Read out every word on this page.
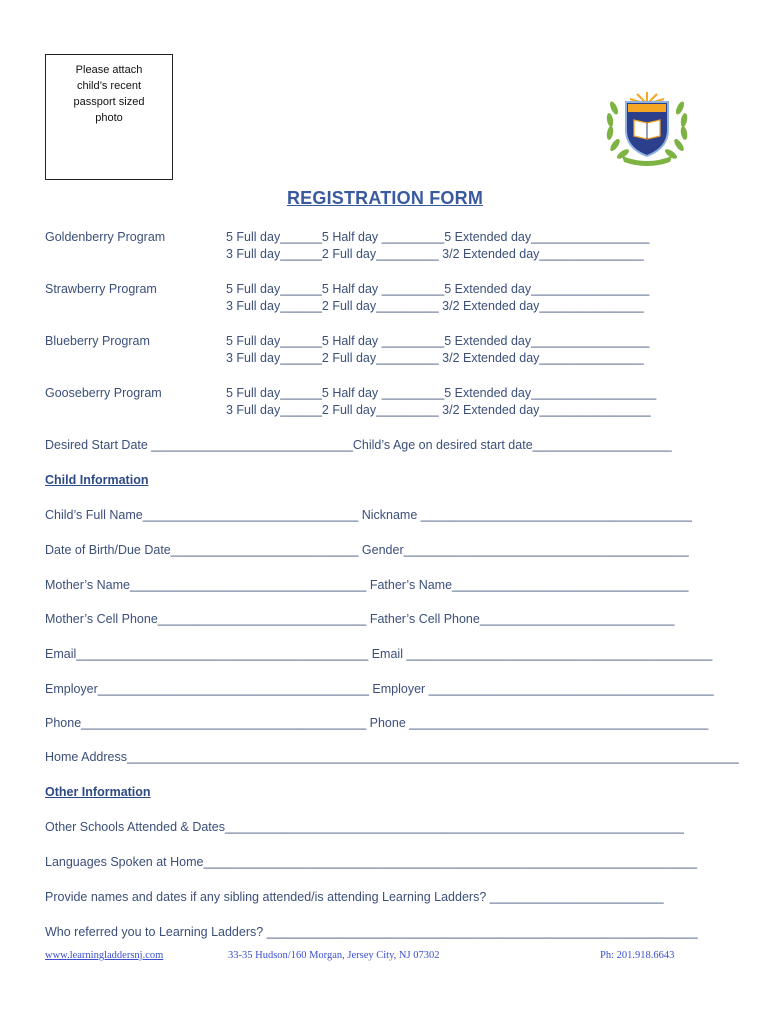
Please attach
child’s recent
passport sized
photo
REGISTRATION FORM
Goldenberry Program	5 Full day______5 Half day _________5 Extended day_________________
3 Full day______2 Full day_________ 3/2 Extended day_______________
Strawberry Program	5 Full day______5 Half day _________5 Extended day_________________
3 Full day______2 Full day_________ 3/2 Extended day_______________
Blueberry Program	5 Full day______5 Half day _________5 Extended day_________________
3 Full day______2 Full day_________ 3/2 Extended day_______________
Gooseberry Program	5 Full day______5 Half day _________5 Extended day__________________
3 Full day______2 Full day_________ 3/2 Extended day________________
Desired Start Date _____________________________Child’s Age on desired start date____________________
Child Information
Child’s Full Name_______________________________ Nickname _______________________________________
Date of Birth/Due Date___________________________ Gender_________________________________________
Mother’s Name__________________________________ Father’s Name__________________________________
Mother’s Cell Phone______________________________ Father’s Cell Phone____________________________
Email__________________________________________ Email ____________________________________________
Employer_______________________________________ Employer _________________________________________
Phone_________________________________________ Phone ___________________________________________
Home Address________________________________________________________________________________________
Other Information
Other Schools Attended & Dates__________________________________________________________________
Languages Spoken at Home_______________________________________________________________________
Provide names and dates if any sibling attended/is attending Learning Ladders? _________________________
Who referred you to Learning Ladders? ______________________________________________________________
www.learningladdersnj.com	33-35 Hudson/160 Morgan, Jersey City, NJ 07302	Ph: 201.918.6643
